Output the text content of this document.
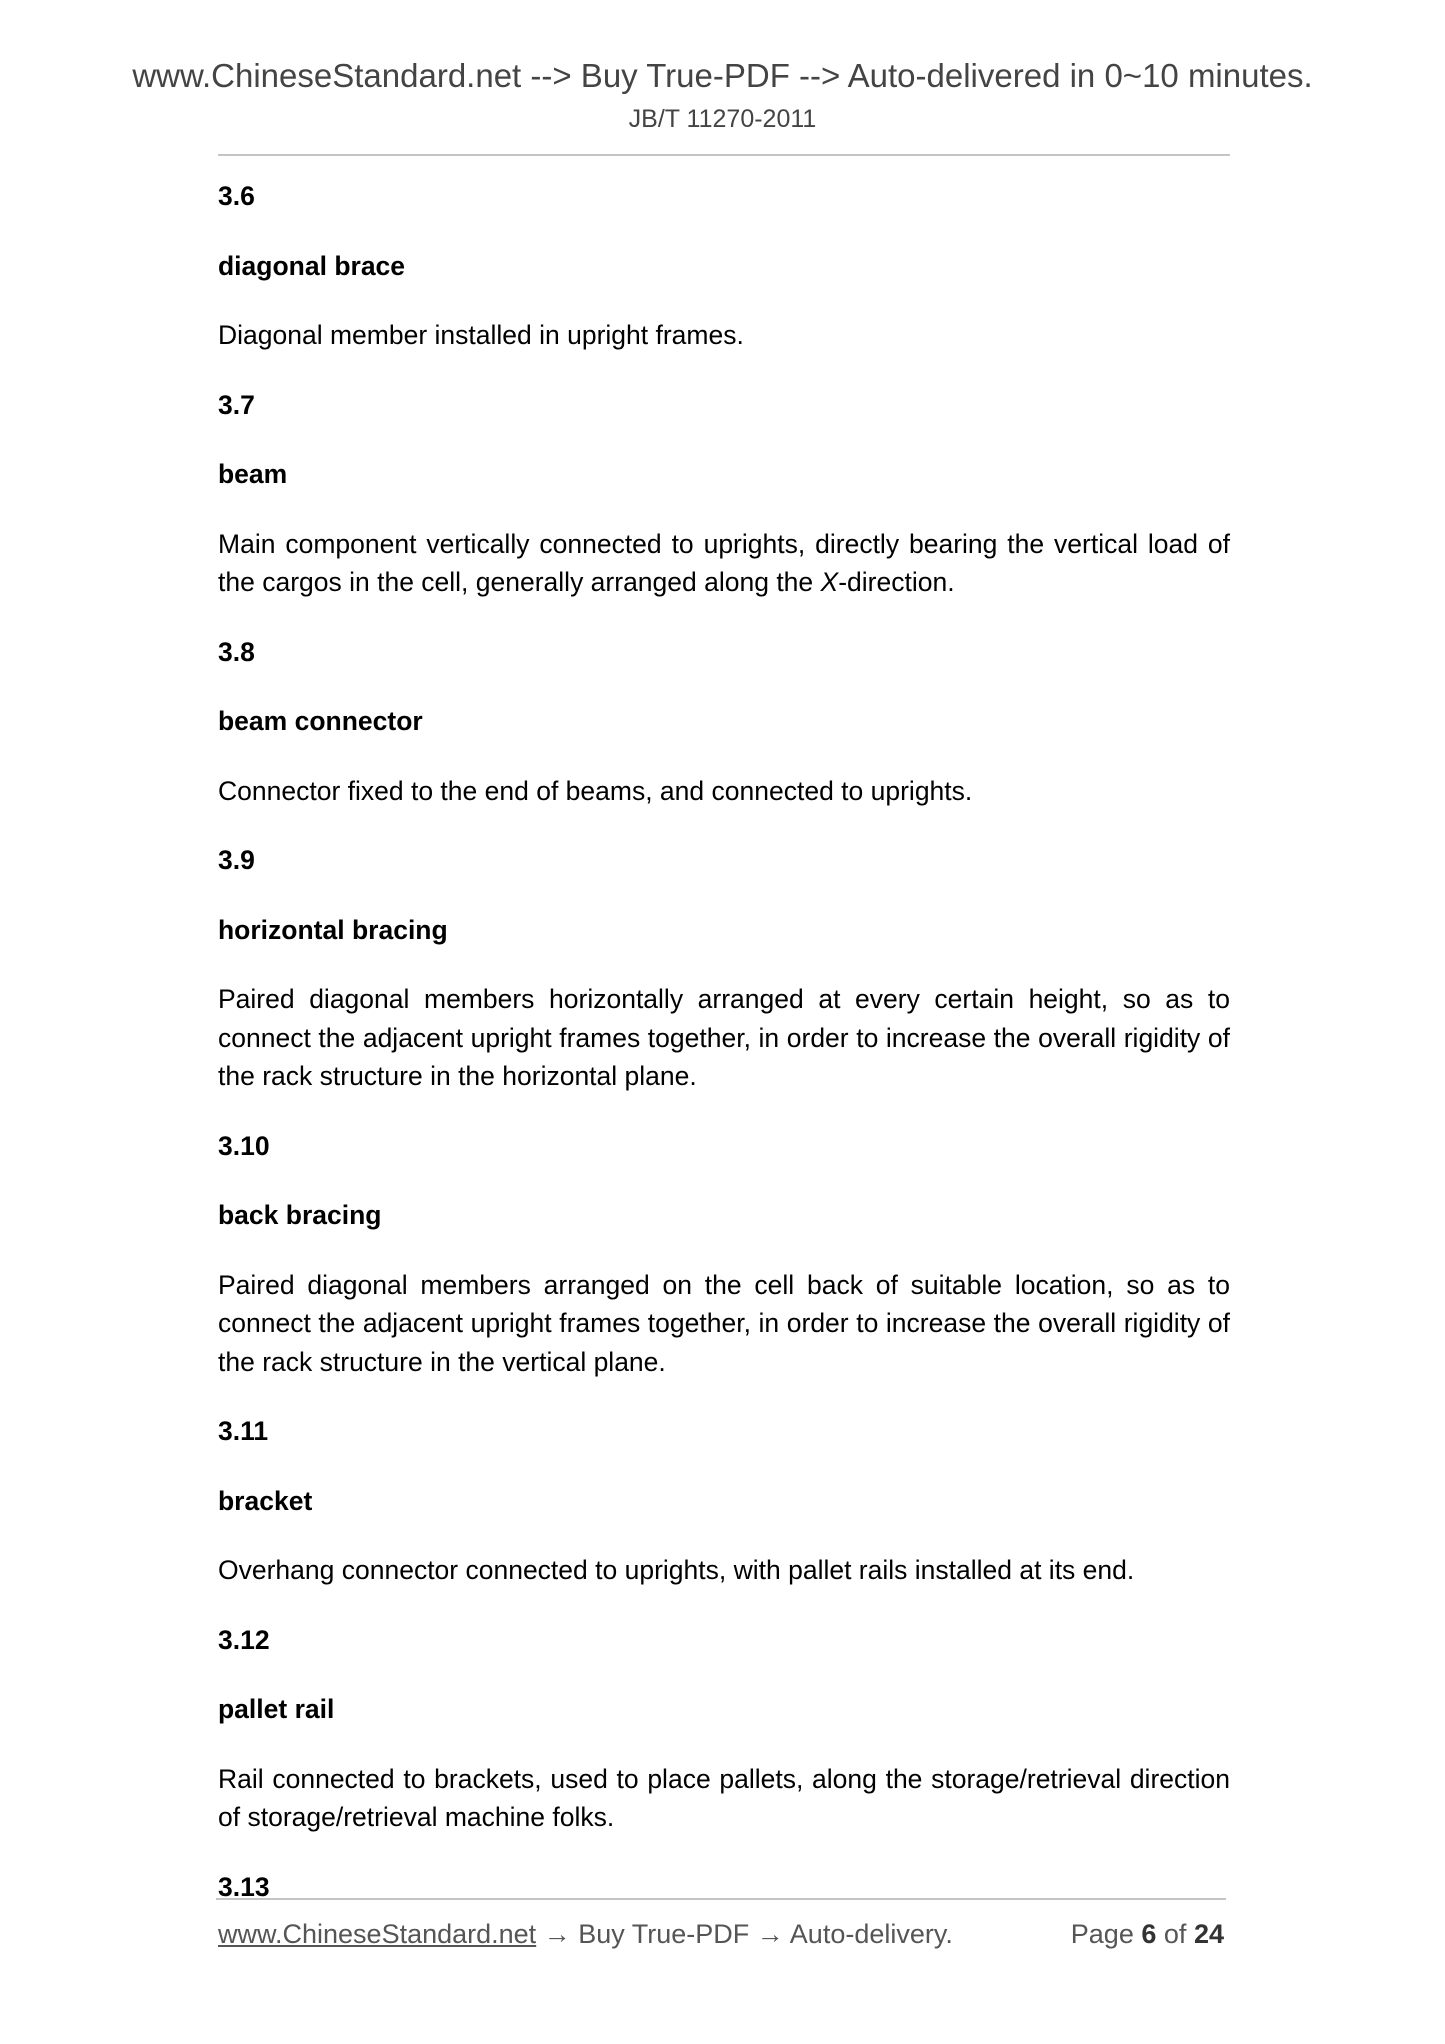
www.ChineseStandard.net --> Buy True-PDF --> Auto-delivered in 0~10 minutes.
JB/T 11270-2011

3.6

diagonal brace

Diagonal member installed in upright frames.

3.7

beam

Main component vertically connected to uprights, directly bearing the vertical load of the cargos in the cell, generally arranged along the X-direction.

3.8

beam connector

Connector fixed to the end of beams, and connected to uprights.

3.9

horizontal bracing

Paired diagonal members horizontally arranged at every certain height, so as to connect the adjacent upright frames together, in order to increase the overall rigidity of the rack structure in the horizontal plane.

3.10

back bracing

Paired diagonal members arranged on the cell back of suitable location, so as to connect the adjacent upright frames together, in order to increase the overall rigidity of the rack structure in the vertical plane.

3.11

bracket

Overhang connector connected to uprights, with pallet rails installed at its end.

3.12

pallet rail

Rail connected to brackets, used to place pallets, along the storage/retrieval direction of storage/retrieval machine folks.

3.13

www.ChineseStandard.net → Buy True-PDF → Auto-delivery.	Page 6 of 24
